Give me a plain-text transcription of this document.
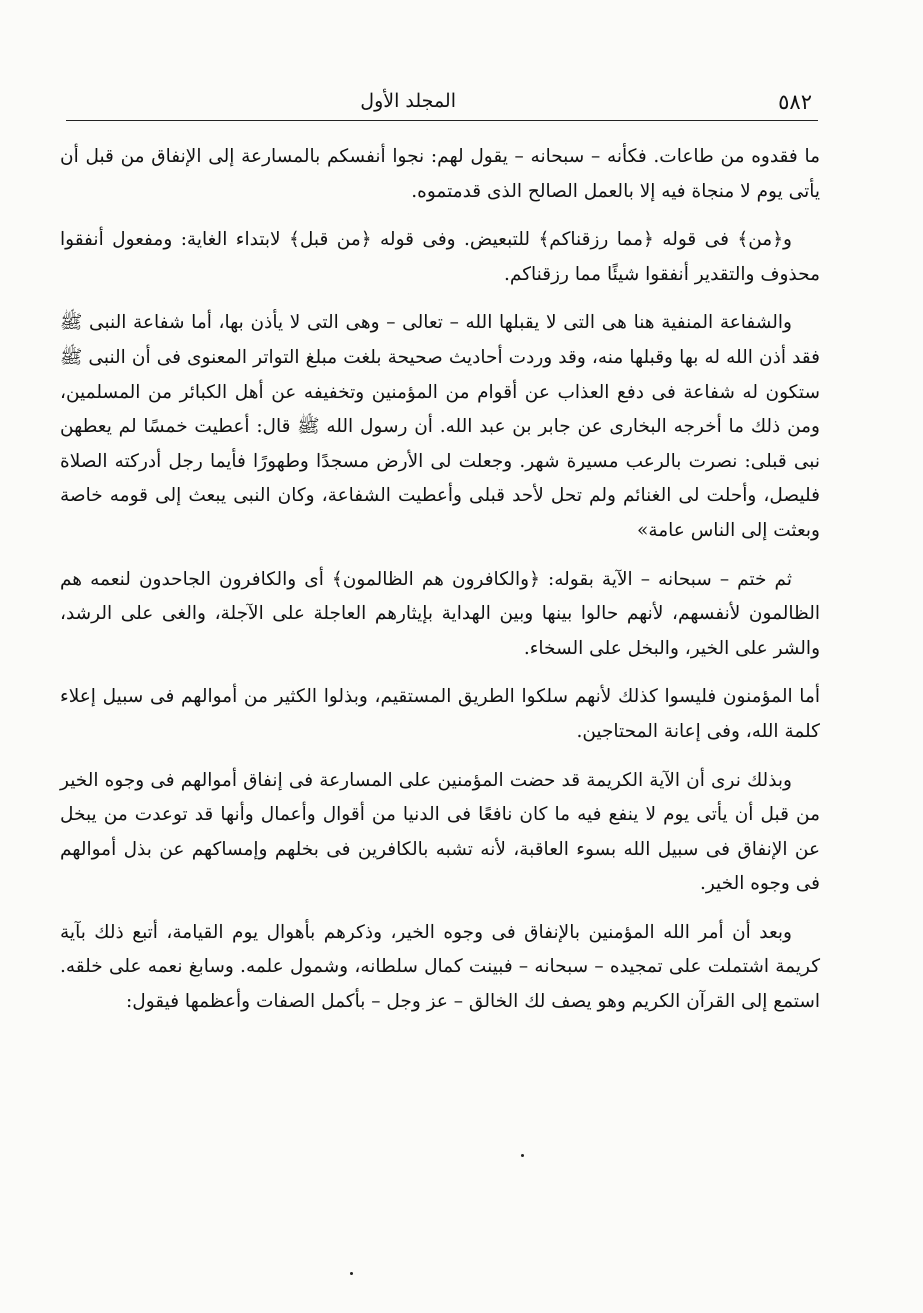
٥٨٢
المجلد الأول

ما فقدوه من طاعات. فكأنه – سبحانه – يقول لهم: نجوا أنفسكم بالمسارعة إلى الإنفاق من قبل أن يأتى يوم لا منجاة فيه إلا بالعمل الصالح الذى قدمتموه.

و﴿من﴾ فى قوله ﴿مما رزقناكم﴾ للتبعيض. وفى قوله ﴿من قبل﴾ لابتداء الغاية: ومفعول أنفقوا محذوف والتقدير أنفقوا شيئًا مما رزقناكم.

والشفاعة المنفية هنا هى التى لا يقبلها الله – تعالى – وهى التى لا يأذن بها، أما شفاعة النبى ﷺ فقد أذن الله له بها وقبلها منه، وقد وردت أحاديث صحيحة بلغت مبلغ التواتر المعنوى فى أن النبى ﷺ ستكون له شفاعة فى دفع العذاب عن أقوام من المؤمنين وتخفيفه عن أهل الكبائر من المسلمين، ومن ذلك ما أخرجه البخارى عن جابر بن عبد الله. أن رسول الله ﷺ قال: أعطيت خمسًا لم يعطهن نبى قبلى: نصرت بالرعب مسيرة شهر. وجعلت لى الأرض مسجدًا وطهورًا فأيما رجل أدركته الصلاة فليصل، وأحلت لى الغنائم ولم تحل لأحد قبلى وأعطيت الشفاعة، وكان النبى يبعث إلى قومه خاصة وبعثت إلى الناس عامة»

ثم ختم – سبحانه – الآية بقوله: ﴿والكافرون هم الظالمون﴾ أى والكافرون الجاحدون لنعمه هم الظالمون لأنفسهم، لأنهم حالوا بينها وبين الهداية بإيثارهم العاجلة على الآجلة، والغى على الرشد، والشر على الخير، والبخل على السخاء.

أما المؤمنون فليسوا كذلك لأنهم سلكوا الطريق المستقيم، وبذلوا الكثير من أموالهم فى سبيل إعلاء كلمة الله، وفى إعانة المحتاجين.

وبذلك نرى أن الآية الكريمة قد حضت المؤمنين على المسارعة فى إنفاق أموالهم فى وجوه الخير من قبل أن يأتى يوم لا ينفع فيه ما كان نافعًا فى الدنيا من أقوال وأعمال وأنها قد توعدت من يبخل عن الإنفاق فى سبيل الله بسوء العاقبة، لأنه تشبه بالكافرين فى بخلهم وإمساكهم عن بذل أموالهم فى وجوه الخير.

وبعد أن أمر الله المؤمنين بالإنفاق فى وجوه الخير، وذكرهم بأهوال يوم القيامة، أتبع ذلك بآية كريمة اشتملت على تمجيده – سبحانه – فبينت كمال سلطانه، وشمول علمه. وسابغ نعمه على خلقه. استمع إلى القرآن الكريم وهو يصف لك الخالق – عز وجل – بأكمل الصفات وأعظمها فيقول:
